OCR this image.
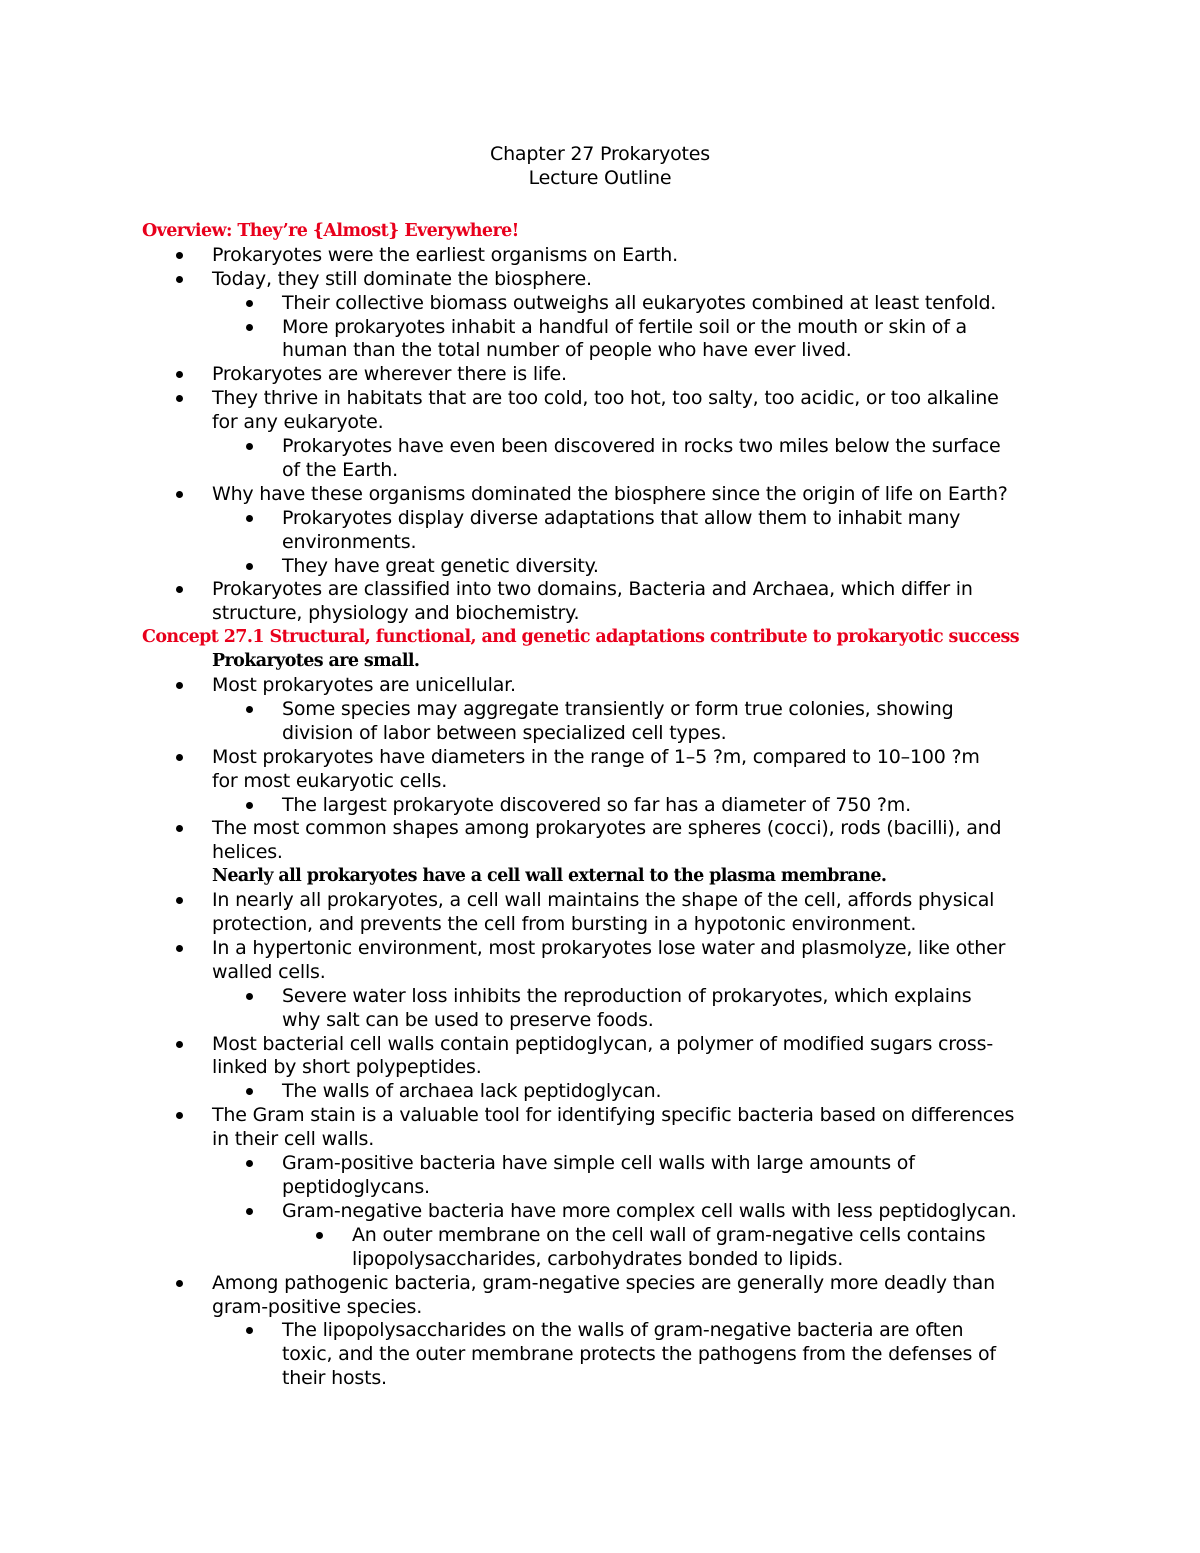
Chapter 27 Prokaryotes
Lecture Outline
Overview: They’re {Almost} Everywhere!
Prokaryotes were the earliest organisms on Earth.
Today, they still dominate the biosphere.
Their collective biomass outweighs all eukaryotes combined at least tenfold.
More prokaryotes inhabit a handful of fertile soil or the mouth or skin of a
human than the total number of people who have ever lived.
Prokaryotes are wherever there is life.
They thrive in habitats that are too cold, too hot, too salty, too acidic, or too alkaline
for any eukaryote.
Prokaryotes have even been discovered in rocks two miles below the surface
of the Earth.
Why have these organisms dominated the biosphere since the origin of life on Earth?
Prokaryotes display diverse adaptations that allow them to inhabit many
environments.
They have great genetic diversity.
Prokaryotes are classified into two domains, Bacteria and Archaea, which differ in
structure, physiology and biochemistry.
Concept 27.1 Structural, functional, and genetic adaptations contribute to prokaryotic success
Prokaryotes are small.
Most prokaryotes are unicellular.
Some species may aggregate transiently or form true colonies, showing
division of labor between specialized cell types.
Most prokaryotes have diameters in the range of 1–5 ?m, compared to 10–100 ?m
for most eukaryotic cells.
The largest prokaryote discovered so far has a diameter of 750 ?m.
The most common shapes among prokaryotes are spheres (cocci), rods (bacilli), and
helices.
Nearly all prokaryotes have a cell wall external to the plasma membrane.
In nearly all prokaryotes, a cell wall maintains the shape of the cell, affords physical
protection, and prevents the cell from bursting in a hypotonic environment.
In a hypertonic environment, most prokaryotes lose water and plasmolyze, like other
walled cells.
Severe water loss inhibits the reproduction of prokaryotes, which explains
why salt can be used to preserve foods.
Most bacterial cell walls contain peptidoglycan, a polymer of modified sugars cross-
linked by short polypeptides.
The walls of archaea lack peptidoglycan.
The Gram stain is a valuable tool for identifying specific bacteria based on differences
in their cell walls.
Gram-positive bacteria have simple cell walls with large amounts of
peptidoglycans.
Gram-negative bacteria have more complex cell walls with less peptidoglycan.
An outer membrane on the cell wall of gram-negative cells contains
lipopolysaccharides, carbohydrates bonded to lipids.
Among pathogenic bacteria, gram-negative species are generally more deadly than
gram-positive species.
The lipopolysaccharides on the walls of gram-negative bacteria are often
toxic, and the outer membrane protects the pathogens from the defenses of
their hosts.
